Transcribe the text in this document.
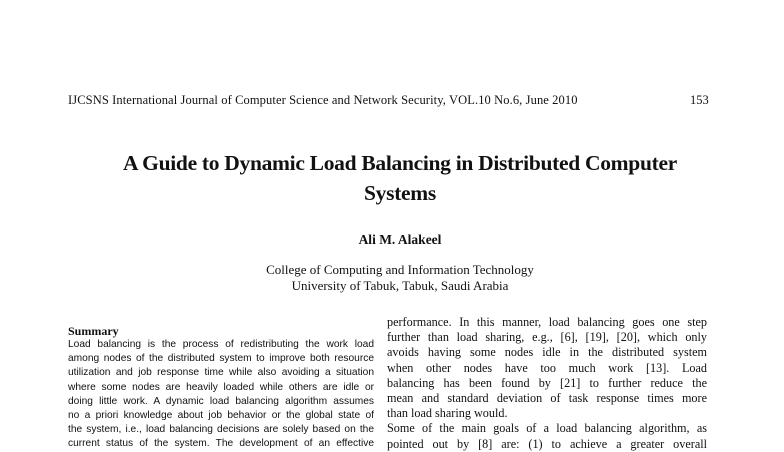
IJCSNS International Journal of Computer Science and Network Security, VOL.10 No.6, June 2010	153
A Guide to Dynamic Load Balancing in Distributed Computer
Systems
Ali M. Alakeel
College of Computing and Information Technology
University of Tabuk, Tabuk, Saudi Arabia
Summary
Load balancing is the process of redistributing the work load
among nodes of the distributed system to improve both resource
utilization and job response time while also avoiding a situation
where some nodes are heavily loaded while others are idle or
doing little work. A dynamic load balancing algorithm assumes
no a priori knowledge about job behavior or the global state of
the system, i.e., load balancing decisions are solely based on the
current status of the system. The development of an effective
performance. In this manner, load balancing goes one step
further than load sharing, e.g., [6], [19], [20], which only
avoids having some nodes idle in the distributed system
when other nodes have too much work [13]. Load
balancing has been found by [21] to further reduce the
mean and standard deviation of task response times more
than load sharing would.
Some of the main goals of a load balancing algorithm, as
pointed out by [8] are: (1) to achieve a greater overall
